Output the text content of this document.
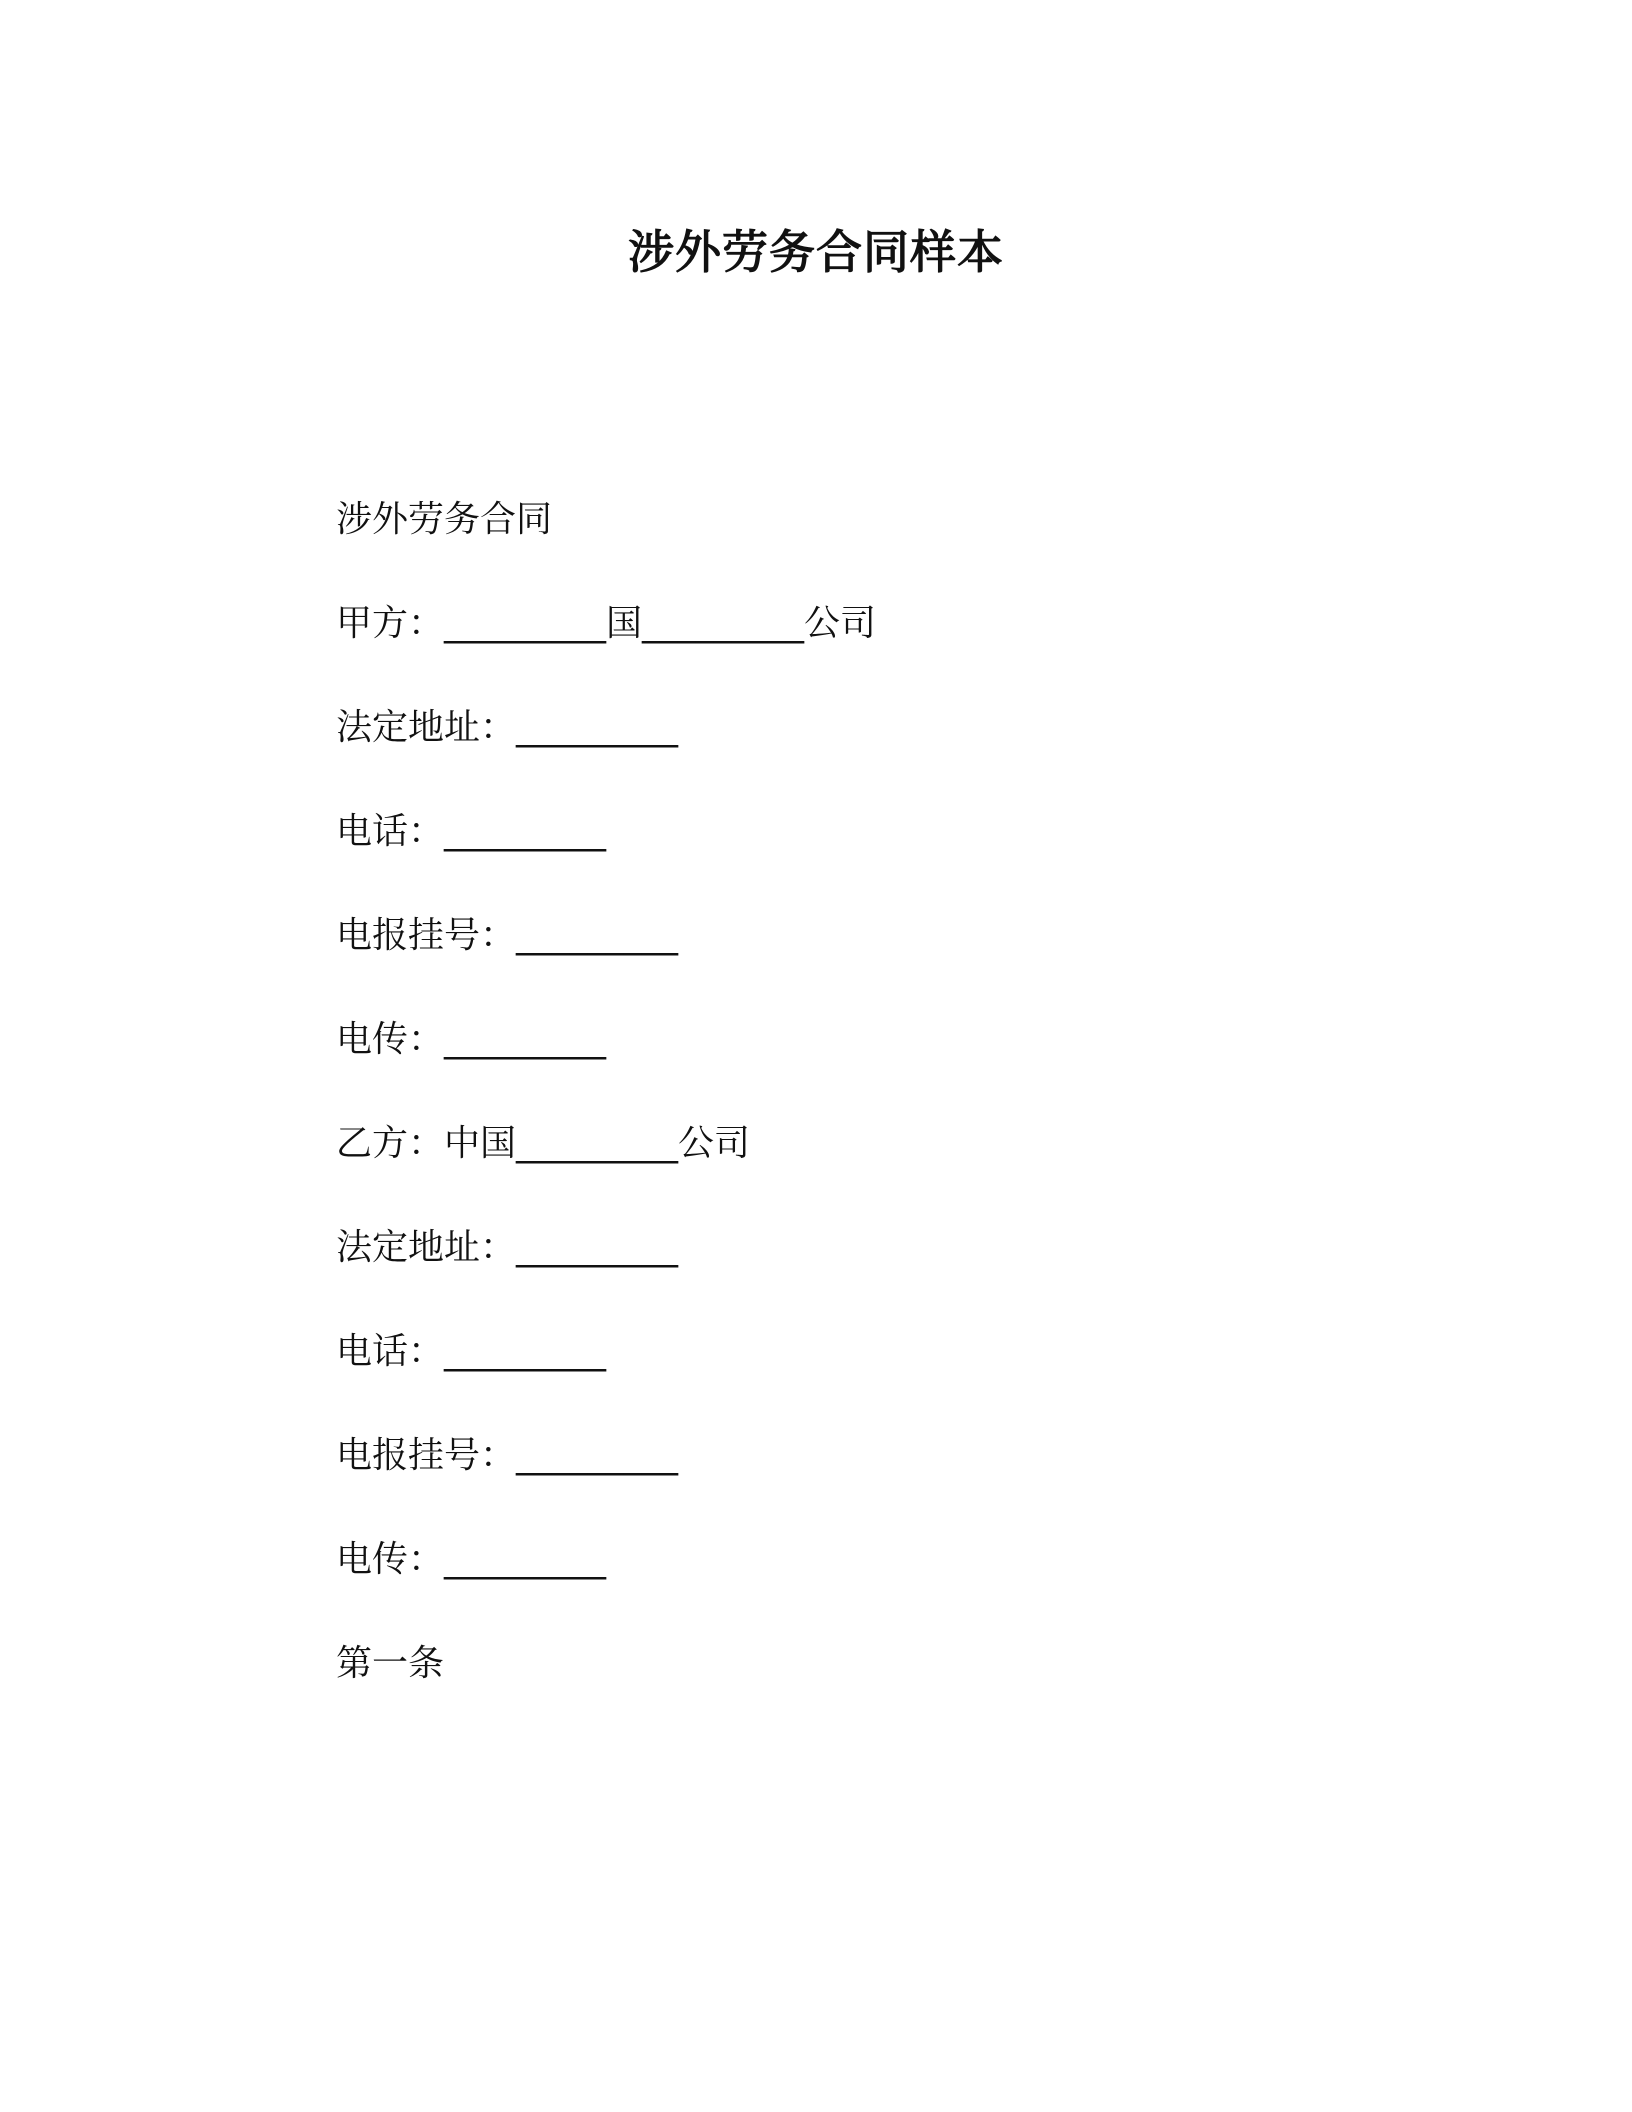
涉外劳务合同样本
涉外劳务合同
甲方：_________国_________公司
法定地址：_________
电话：_________
电报挂号：_________
电传：_________
乙方：中国_________公司
法定地址：_________
电话：_________
电报挂号：_________
电传：_________
第一条
